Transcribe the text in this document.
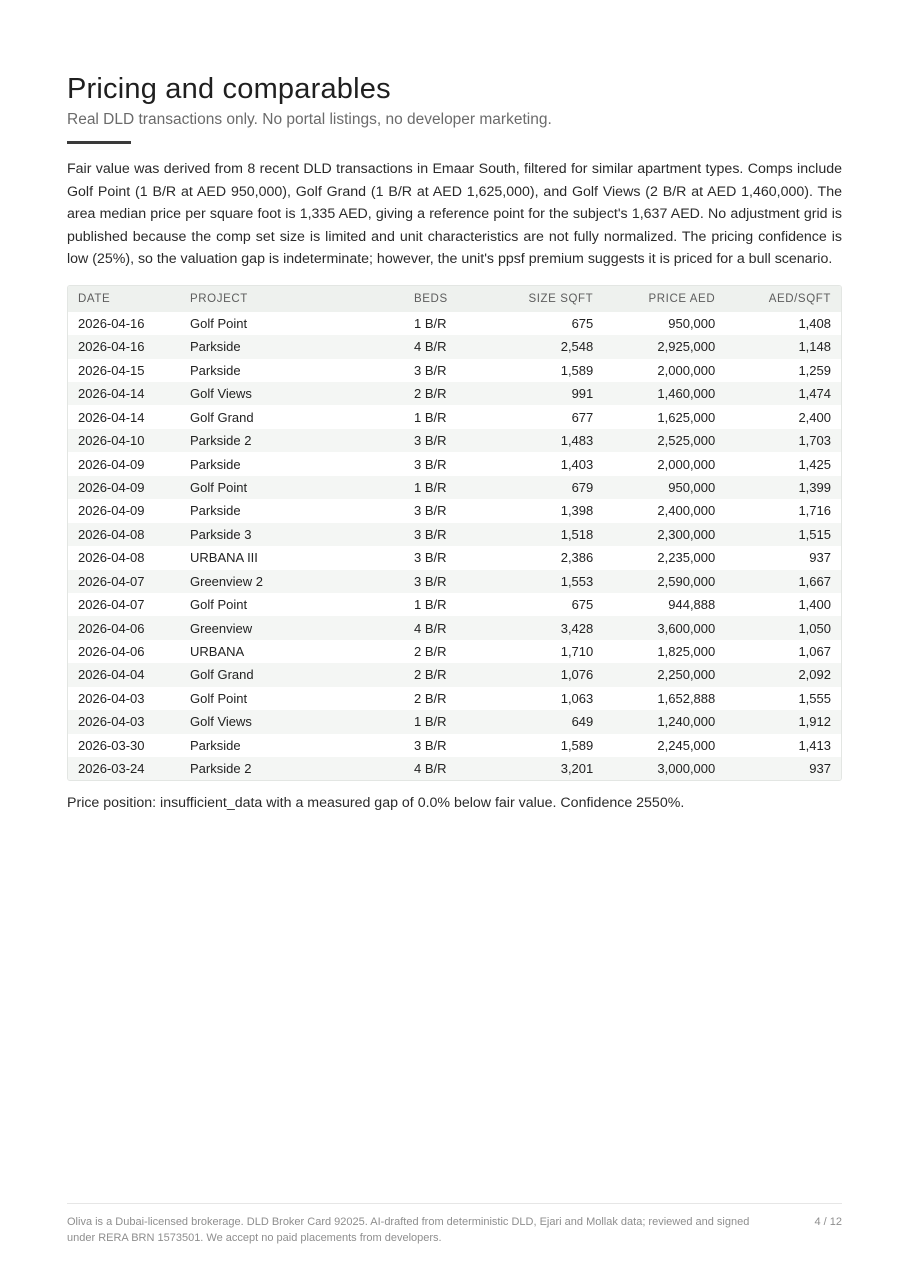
Pricing and comparables
Real DLD transactions only. No portal listings, no developer marketing.

Fair value was derived from 8 recent DLD transactions in Emaar South, filtered for similar apartment types. Comps include Golf Point (1 B/R at AED 950,000), Golf Grand (1 B/R at AED 1,625,000), and Golf Views (2 B/R at AED 1,460,000). The area median price per square foot is 1,335 AED, giving a reference point for the subject's 1,637 AED. No adjustment grid is published because the comp set size is limited and unit characteristics are not fully normalized. The pricing confidence is low (25%), so the valuation gap is indeterminate; however, the unit's ppsf premium suggests it is priced for a bull scenario.

DATE	PROJECT	BEDS	SIZE SQFT	PRICE AED	AED/SQFT
2026-04-16	Golf Point	1 B/R	675	950,000	1,408
2026-04-16	Parkside	4 B/R	2,548	2,925,000	1,148
2026-04-15	Parkside	3 B/R	1,589	2,000,000	1,259
2026-04-14	Golf Views	2 B/R	991	1,460,000	1,474
2026-04-14	Golf Grand	1 B/R	677	1,625,000	2,400
2026-04-10	Parkside 2	3 B/R	1,483	2,525,000	1,703
2026-04-09	Parkside	3 B/R	1,403	2,000,000	1,425
2026-04-09	Golf Point	1 B/R	679	950,000	1,399
2026-04-09	Parkside	3 B/R	1,398	2,400,000	1,716
2026-04-08	Parkside 3	3 B/R	1,518	2,300,000	1,515
2026-04-08	URBANA III	3 B/R	2,386	2,235,000	937
2026-04-07	Greenview 2	3 B/R	1,553	2,590,000	1,667
2026-04-07	Golf Point	1 B/R	675	944,888	1,400
2026-04-06	Greenview	4 B/R	3,428	3,600,000	1,050
2026-04-06	URBANA	2 B/R	1,710	1,825,000	1,067
2026-04-04	Golf Grand	2 B/R	1,076	2,250,000	2,092
2026-04-03	Golf Point	2 B/R	1,063	1,652,888	1,555
2026-04-03	Golf Views	1 B/R	649	1,240,000	1,912
2026-03-30	Parkside	3 B/R	1,589	2,245,000	1,413
2026-03-24	Parkside 2	4 B/R	3,201	3,000,000	937
Price position: insufficient_data with a measured gap of 0.0% below fair value. Confidence 2550%.
Oliva is a Dubai-licensed brokerage. DLD Broker Card 92025. AI-drafted from deterministic DLD, Ejari and Mollak data; reviewed and signed under RERA BRN 1573501. We accept no paid placements from developers.
4 / 12
